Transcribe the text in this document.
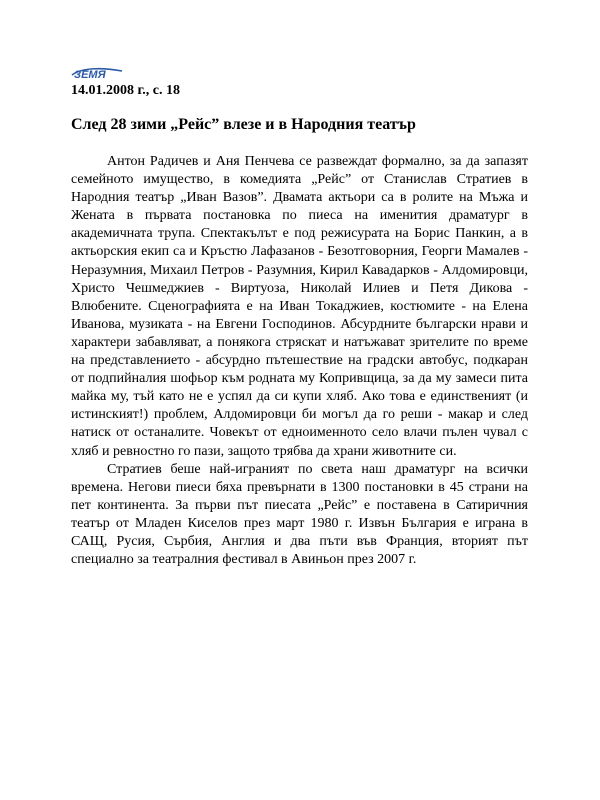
ЗЕМЯ
14.01.2008 г., с. 18
След 28 зими „Рейс” влезе и в Народния театър

Антон Радичев и Аня Пенчева се развеждат формално, за да запазят семейното имущество, в комедията „Рейс” от Станислав Стратиев в Народния театър „Иван Вазов”. Двамата актьори са в ролите на Мъжа и Жената в първата постановка по пиеса на именития драматург в академичната трупа. Спектакълът е под режисурата на Борис Панкин, а в актьорския екип са и Кръстю Лафазанов - Безотговорния, Георги Мамалев - Неразумния, Михаил Петров - Разумния, Кирил Кавадарков - Алдомировци, Христо Чешмеджиев - Виртуоза, Николай Илиев и Петя Дикова - Влюбените. Сценографията е на Иван Токаджиев, костюмите - на Елена Иванова, музиката - на Евгени Господинов. Абсурдните български нрави и характери забавляват, а понякога стряскат и натъжават зрителите по време на представлението - абсурдно пътешествие на градски автобус, подкаран от подпийналия шофьор към родната му Копривщица, за да му замеси пита майка му, тъй като не е успял да си купи хляб. Ако това е единственият (и истинският!) проблем, Алдомировци би могъл да го реши - макар и след натиск от останалите. Човекът от едноименното село влачи пълен чувал с хляб и ревностно го пази, защото трябва да храни животните си.

Стратиев беше най-играният по света наш драматург на всички времена. Негови пиеси бяха превърнати в 1300 постановки в 45 страни на пет континента. За първи път пиесата „Рейс” е поставена в Сатиричния театър от Младен Киселов през март 1980 г. Извън България е играна в САЩ, Русия, Сърбия, Англия и два пъти във Франция, вторият път специално за театралния фестивал в Авиньон през 2007 г.
